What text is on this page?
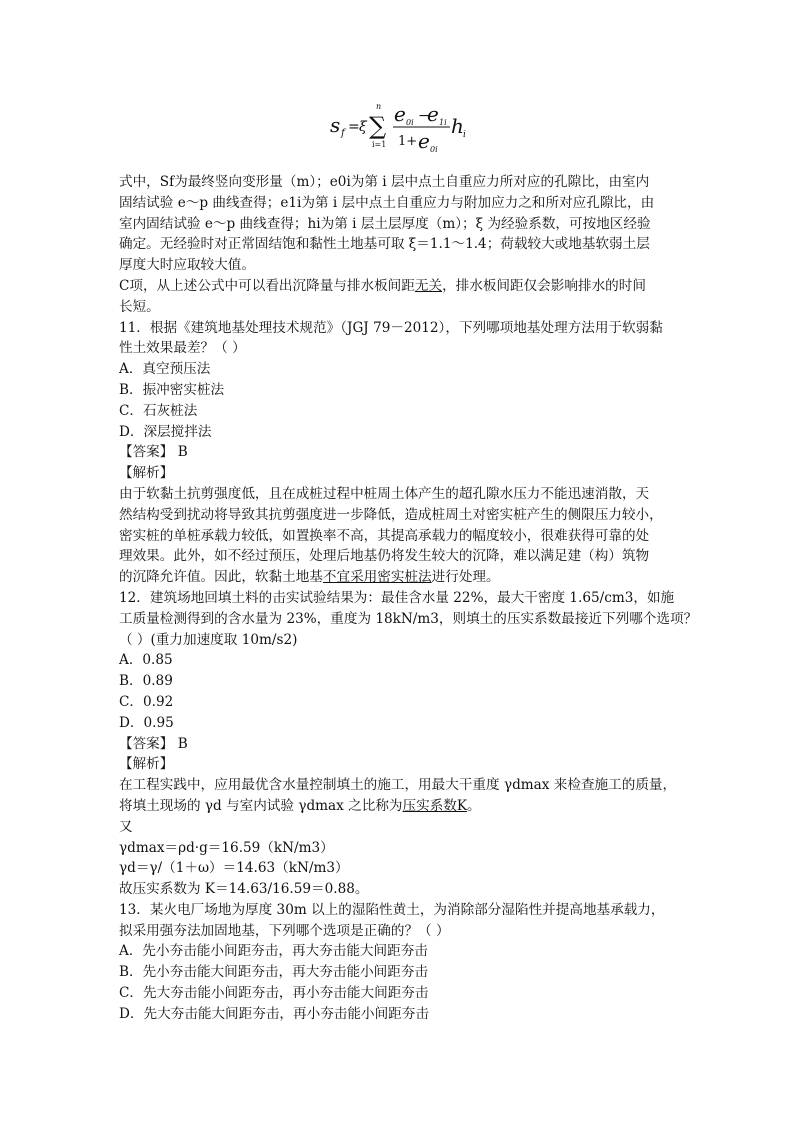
s f = ξ
n
∑
i=1
e 0i −
e 1i
1+ e 0i
h i
式中，Sf为最终竖向变形量（m）；e0i为第 i 层中点土自重应力所对应的孔隙比，由室内
固结试验 e～p 曲线查得；e1i为第 i 层中点土自重应力与附加应力之和所对应孔隙比，由
室内固结试验 e～p 曲线查得；hi为第 i 层土层厚度（m）；ξ 为经验系数，可按地区经验
确定。无经验时对正常固结饱和黏性土地基可取 ξ＝1.1～1.4；荷载较大或地基软弱土层
厚度大时应取较大值。
C项，从上述公式中可以看出沉降量与排水板间距无关，排水板间距仅会影响排水的时间
长短。
11．根据《建筑地基处理技术规范》（JGJ 79－2012），下列哪项地基处理方法用于软弱黏
性土效果最差？（ ）
A．真空预压法
B．振冲密实桩法
C．石灰桩法
D．深层搅拌法
【答案】 B
【解析】
由于软黏土抗剪强度低，且在成桩过程中桩周土体产生的超孔隙水压力不能迅速消散，天
然结构受到扰动将导致其抗剪强度进一步降低，造成桩周土对密实桩产生的侧限压力较小，
密实桩的单桩承载力较低，如置换率不高，其提高承载力的幅度较小，很难获得可靠的处
理效果。此外，如不经过预压，处理后地基仍将发生较大的沉降，难以满足建（构）筑物
的沉降允许值。因此，软黏土地基不宜采用密实桩法进行处理。
12．建筑场地回填土料的击实试验结果为：最佳含水量 22%，最大干密度 1.65/cm3，如施
工质量检测得到的含水量为 23%，重度为 18kN/m3，则填土的压实系数最接近下列哪个选项？
（ ）(重力加速度取 10m/s2)
A．0.85
B．0.89
C．0.92
D．0.95
【答案】 B
【解析】
在工程实践中，应用最优含水量控制填土的施工，用最大干重度 γdmax 来检查施工的质量，
将填土现场的 γd 与室内试验 γdmax 之比称为压实系数K。
又
γdmax＝ρd·g＝16.59（kN/m3）
γd＝γ/（1＋ω）＝14.63（kN/m3）
故压实系数为 K＝14.63/16.59＝0.88。
13．某火电厂场地为厚度 30m 以上的湿陷性黄土，为消除部分湿陷性并提高地基承载力，
拟采用强夯法加固地基，下列哪个选项是正确的？（ ）
A．先小夯击能小间距夯击，再大夯击能大间距夯击
B．先小夯击能大间距夯击，再大夯击能小间距夯击
C．先大夯击能小间距夯击，再小夯击能大间距夯击
D．先大夯击能大间距夯击，再小夯击能小间距夯击
